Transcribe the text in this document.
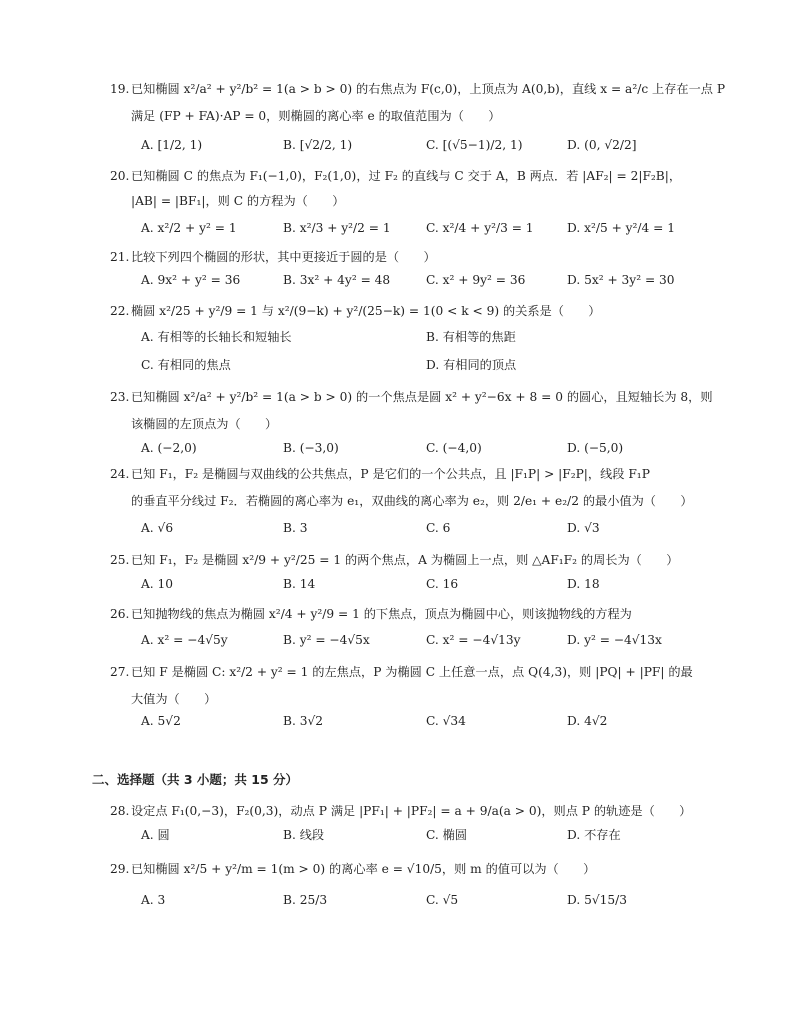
19. 已知椭圆 x²/a² + y²/b² = 1(a > b > 0) 的右焦点为 F(c,0)，上顶点为 A(0,b)，直线 x = a²/c 上存在一点 P
满足 (FP + FA)·AP = 0，则椭圆的离心率 e 的取值范围为（　　）
A. [1/2, 1)	B. [√2/2, 1)	C. [(√5−1)/2, 1)	D. (0, √2/2]
20. 已知椭圆 C 的焦点为 F₁(−1,0)，F₂(1,0)，过 F₂ 的直线与 C 交于 A，B 两点．若 |AF₂| = 2|F₂B|，
|AB| = |BF₁|，则 C 的方程为（　　）
A. x²/2 + y² = 1	B. x²/3 + y²/2 = 1	C. x²/4 + y²/3 = 1	D. x²/5 + y²/4 = 1
21. 比较下列四个椭圆的形状，其中更接近于圆的是（　　）
A. 9x² + y² = 36	B. 3x² + 4y² = 48	C. x² + 9y² = 36	D. 5x² + 3y² = 30
22. 椭圆 x²/25 + y²/9 = 1 与 x²/(9−k) + y²/(25−k) = 1(0 < k < 9) 的关系是（　　）
A. 有相等的长轴长和短轴长	B. 有相等的焦距
C. 有相同的焦点	D. 有相同的顶点
23. 已知椭圆 x²/a² + y²/b² = 1(a > b > 0) 的一个焦点是圆 x² + y²−6x + 8 = 0 的圆心，且短轴长为 8，则
该椭圆的左顶点为（　　）
A. (−2,0)	B. (−3,0)	C. (−4,0)	D. (−5,0)
24. 已知 F₁，F₂ 是椭圆与双曲线的公共焦点，P 是它们的一个公共点，且 |F₁P| > |F₂P|，线段 F₁P
的垂直平分线过 F₂．若椭圆的离心率为 e₁，双曲线的离心率为 e₂，则 2/e₁ + e₂/2 的最小值为（　　）
A. √6	B. 3	C. 6	D. √3
25. 已知 F₁，F₂ 是椭圆 x²/9 + y²/25 = 1 的两个焦点，A 为椭圆上一点，则 △AF₁F₂ 的周长为（　　）
A. 10	B. 14	C. 16	D. 18
26. 已知抛物线的焦点为椭圆 x²/4 + y²/9 = 1 的下焦点，顶点为椭圆中心，则该抛物线的方程为
A. x² = −4√5y	B. y² = −4√5x	C. x² = −4√13y	D. y² = −4√13x
27. 已知 F 是椭圆 C: x²/2 + y² = 1 的左焦点，P 为椭圆 C 上任意一点，点 Q(4,3)，则 |PQ| + |PF| 的最
大值为（　　）
A. 5√2	B. 3√2	C. √34	D. 4√2
二、选择题（共 3 小题；共 15 分）
28. 设定点 F₁(0,−3)，F₂(0,3)，动点 P 满足 |PF₁| + |PF₂| = a + 9/a(a > 0)，则点 P 的轨迹是（　　）
A. 圆	B. 线段	C. 椭圆	D. 不存在
29. 已知椭圆 x²/5 + y²/m = 1(m > 0) 的离心率 e = √10/5，则 m 的值可以为（　　）
A. 3	B. 25/3	C. √5	D. 5√15/3
